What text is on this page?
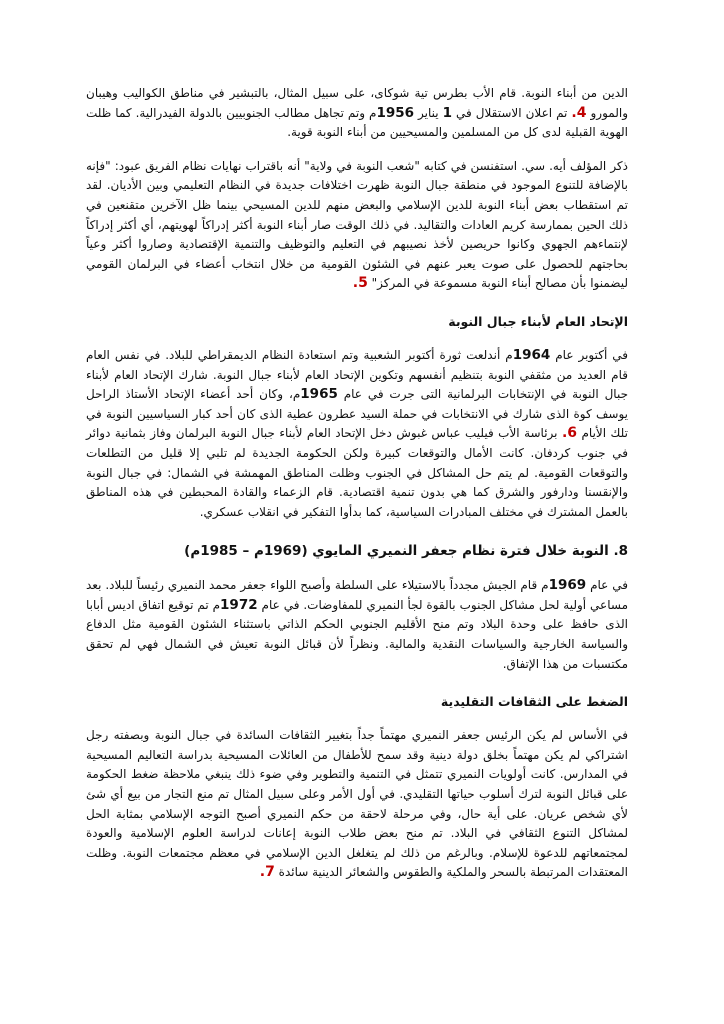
الدين من أبناء النوبة. قام الأب بطرس تية شوكاى، على سبيل المثال، بالتبشير في مناطق الكواليب وهيبان والمورو 4. تم اعلان الاستقلال في 1 يناير 1956م وتم تجاهل مطالب الجنوبيين بالدولة الفيدرالية. كما ظلت الهوية القبلية لدى كل من المسلمين والمسيحيين من أبناء النوبة قوية.

ذكر المؤلف أيه. سي. استفنسن في كتابه "شعب النوبة في ولاية" أنه باقتراب نهايات نظام الفريق عبود: "فإنه بالإضافة للتنوع الموجود في منطقة جبال النوبة ظهرت اختلافات جديدة في النظام التعليمي وبين الأديان. لقد تم استقطاب بعض أبناء النوبة للدين الإسلامي والبعض منهم للدين المسيحي بينما ظل الآخرين متقنعين في ذلك الحين بممارسة كريم العادات والتقاليد. في ذلك الوقت صار أبناء النوبة أكثر إدراكاً لهويتهم، أي أكثر إدراكاً لإنتماءهم الجهوي وكانوا حريصين لأخذ نصيبهم في التعليم والتوظيف والتنمية الإقتصادية وصاروا أكثر وعياً بحاجتهم للحصول على صوت يعبر عنهم في الشئون القومية من خلال انتخاب أعضاء في البرلمان القومي ليضمنوا بأن مصالح أبناء النوبة مسموعة في المركز" 5.

الإتحاد العام لأبناء جبال النوبة

في أكتوبر عام 1964م أندلعت ثورة أكتوبر الشعبية وتم استعادة النظام الديمقراطي للبلاد. في نفس العام قام العديد من مثقفي النوبة بتنظيم أنفسهم وتكوين الإتحاد العام لأبناء جبال النوبة. شارك الإتحاد العام لأبناء جبال النوبة في الإنتخابات البرلمانية التى جرت في عام 1965م، وكان أحد أعضاء الإتحاد الأستاذ الراحل يوسف كوة الذى شارك في الانتخابات في حملة السيد عطرون عطية الذى كان أحد كبار السياسيين النوبة في تلك الأيام 6. برئاسة الأب فيليب عباس غبوش دخل الإتحاد العام لأبناء جبال النوبة البرلمان وفاز بثمانية دوائر في جنوب كردفان. كانت الأمال والتوقعات كبيرة ولكن الحكومة الجديدة لم تلبي إلا قليل من التطلعات والتوقعات القومية. لم يتم حل المشاكل في الجنوب وظلت المناطق المهمشة في الشمال: في جبال النوبة والإنقسنا ودارفور والشرق كما هي بدون تنمية اقتصادية. قام الزعماء والقادة المحبطين في هذه المناطق بالعمل المشترك في مختلف المبادرات السياسية، كما بدأوا التفكير في انقلاب عسكري.

8. النوبة خلال فترة نظام جعفر النميري المايوي (1969م – 1985م)

في عام 1969م قام الجيش مجدداً بالاستيلاء على السلطة وأصبح اللواء جعفر محمد النميري رئيساً للبلاد. بعد مساعي أولية لحل مشاكل الجنوب بالقوة لجأ النميري للمفاوضات. في عام 1972م تم توقيع اتفاق اديس أبابا الذى حافظ على وحدة البلاد وتم منح الأقليم الجنوبي الحكم الذاتي باستثناء الشئون القومية مثل الدفاع والسياسة الخارجية والسياسات النقدية والمالية. ونظراً لأن قبائل النوبة تعيش في الشمال فهي لم تحقق مكتسبات من هذا الإتفاق.

الضغط على الثقافات التقليدية

في الأساس لم يكن الرئيس جعفر النميري مهتماً جداً بتغيير الثقافات السائدة في جبال النوبة وبصفته رجل اشتراكي لم يكن مهتماً بخلق دولة دينية وقد سمح للأطفال من العائلات المسيحية بدراسة التعاليم المسيحية في المدارس. كانت أولويات النميري تتمثل في التنمية والتطوير وفي ضوء ذلك ينبغي ملاحظة ضغط الحكومة على قبائل النوبة لترك أسلوب حياتها التقليدي. في أول الأمر وعلى سبيل المثال تم منع التجار من بيع أي شئ لأي شخص عريان. على أية حال، وفي مرحلة لاحقة من حكم النميري أصبح التوجه الإسلامي بمثابة الحل لمشاكل التنوع الثقافي في البلاد. تم منح بعض طلاب النوبة إعانات لدراسة العلوم الإسلامية والعودة لمجتمعاتهم للدعوة للإسلام. وبالرغم من ذلك لم يتغلغل الدين الإسلامي في معظم مجتمعات النوبة. وظلت المعتقدات المرتبطة بالسحر والملكية والطقوس والشعائر الدينية سائدة 7.
